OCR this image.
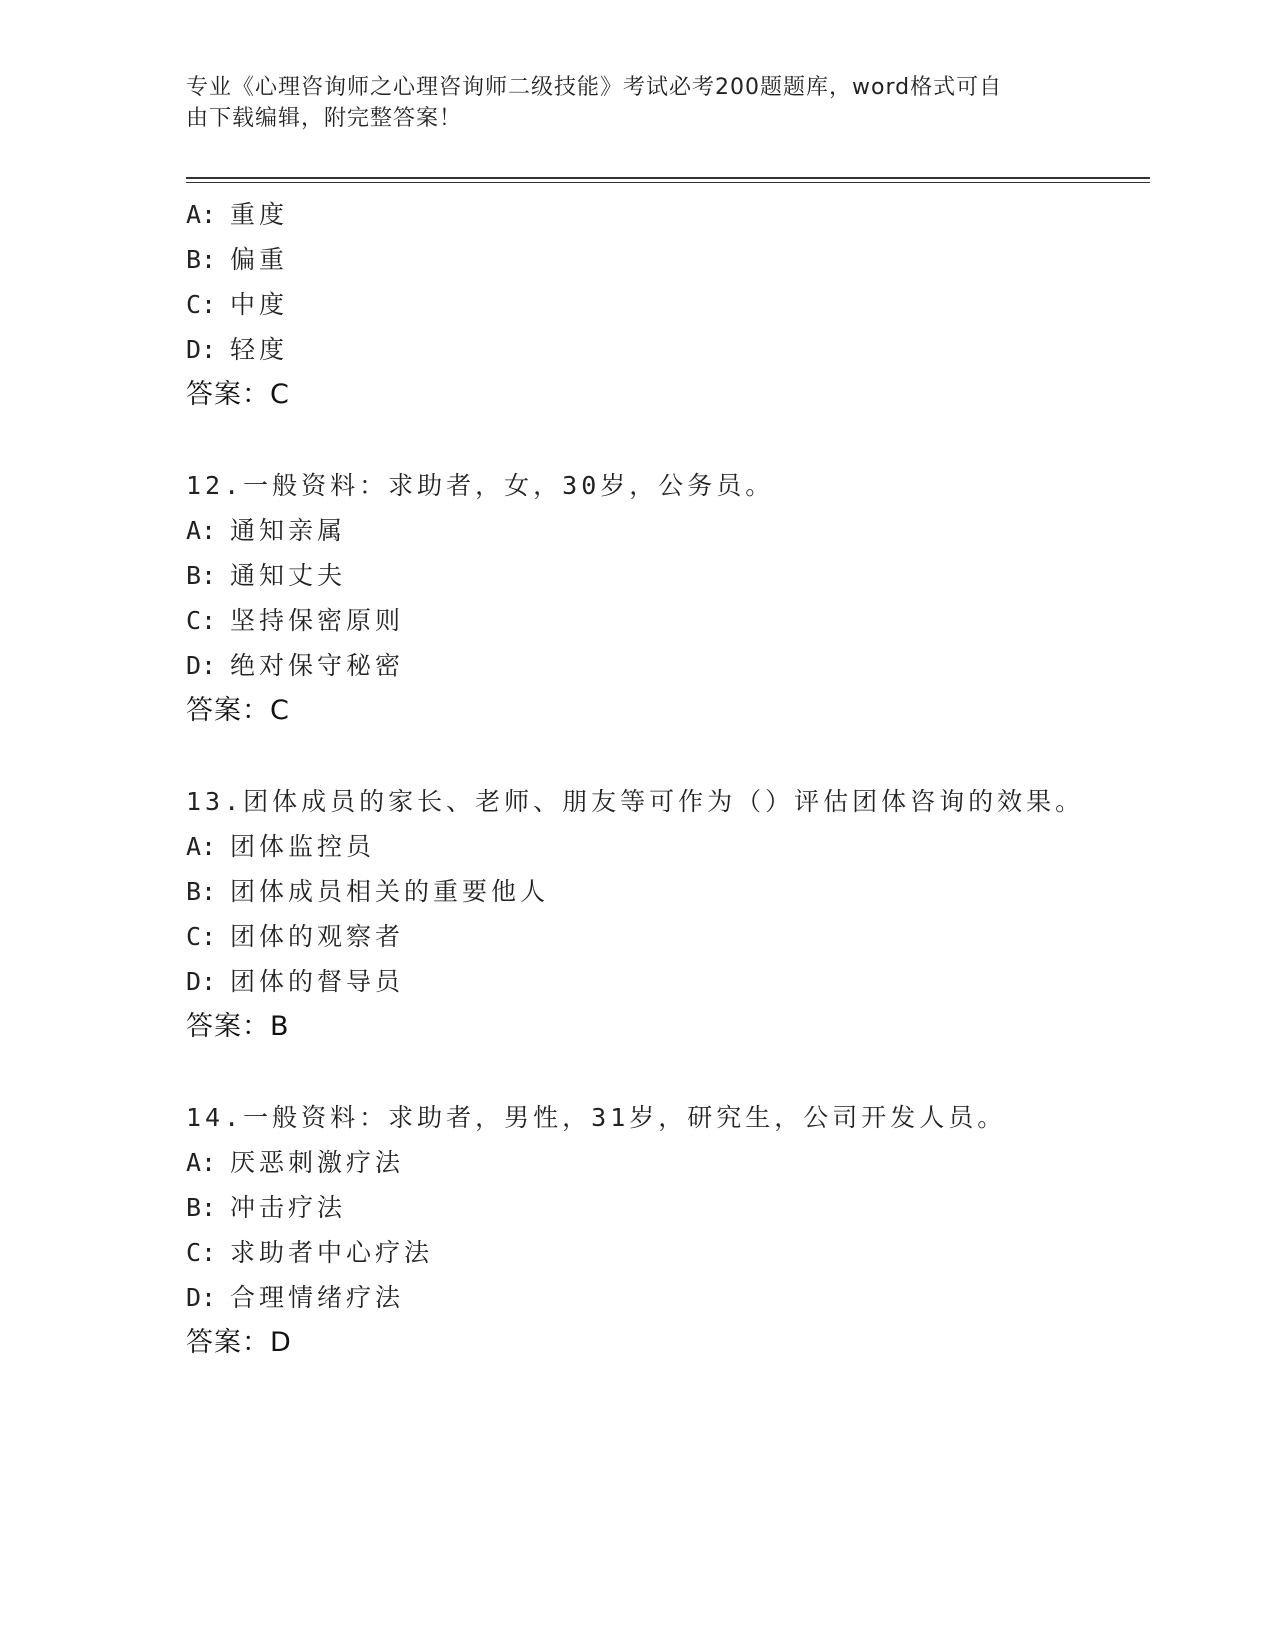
专业《心理咨询师之心理咨询师二级技能》考试必考200题题库，word格式可自
由下载编辑，附完整答案！
A: 重度
B: 偏重
C: 中度
D: 轻度
答案：C
12.一般资料：求助者，女，30岁，公务员。
A: 通知亲属
B: 通知丈夫
C: 坚持保密原则
D: 绝对保守秘密
答案：C
13.团体成员的家长、老师、朋友等可作为（）评估团体咨询的效果。
A: 团体监控员
B: 团体成员相关的重要他人
C: 团体的观察者
D: 团体的督导员
答案：B
14.一般资料：求助者，男性，31岁，研究生，公司开发人员。
A: 厌恶刺激疗法
B: 冲击疗法
C: 求助者中心疗法
D: 合理情绪疗法
答案：D
